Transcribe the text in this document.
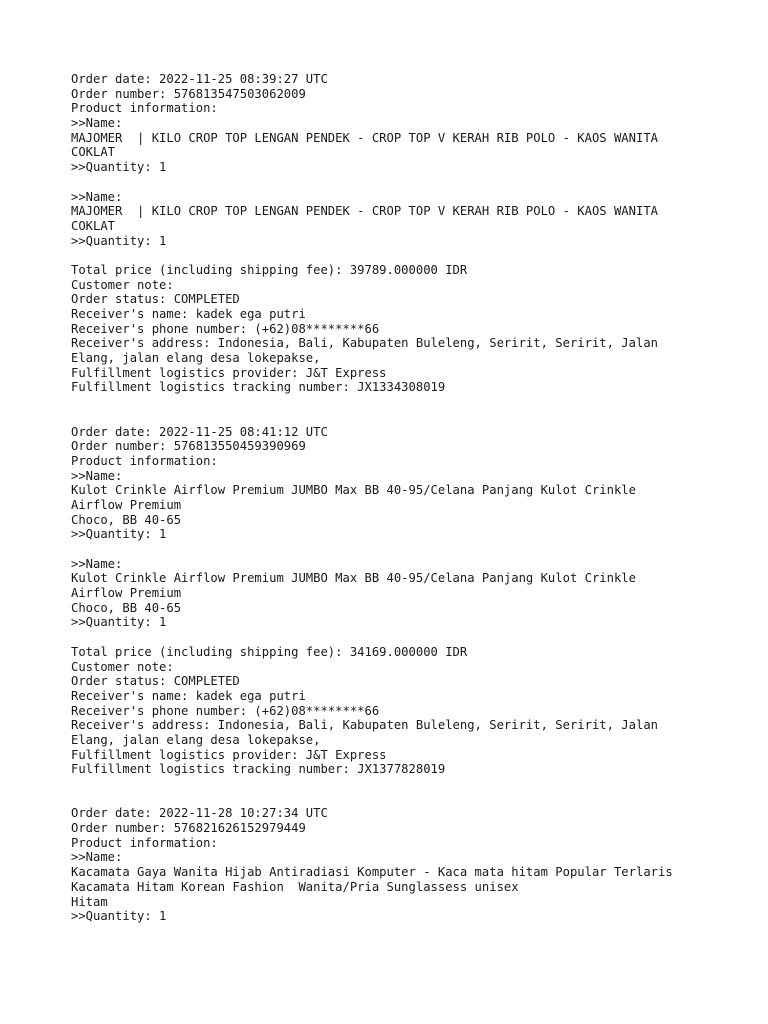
Order date: 2022-11-25 08:39:27 UTC
Order number: 576813547503062009
Product information:
>>Name:
MAJOMER  | KILO CROP TOP LENGAN PENDEK - CROP TOP V KERAH RIB POLO - KAOS WANITA
COKLAT
>>Quantity: 1
>>Name:
MAJOMER  | KILO CROP TOP LENGAN PENDEK - CROP TOP V KERAH RIB POLO - KAOS WANITA
COKLAT
>>Quantity: 1
Total price (including shipping fee): 39789.000000 IDR
Customer note:
Order status: COMPLETED
Receiver's name: kadek ega putri
Receiver's phone number: (+62)08********66
Receiver's address: Indonesia, Bali, Kabupaten Buleleng, Seririt, Seririt, Jalan
Elang, jalan elang desa lokepakse,
Fulfillment logistics provider: J&T Express
Fulfillment logistics tracking number: JX1334308019
Order date: 2022-11-25 08:41:12 UTC
Order number: 576813550459390969
Product information:
>>Name:
Kulot Crinkle Airflow Premium JUMBO Max BB 40-95/Celana Panjang Kulot Crinkle
Airflow Premium
Choco, BB 40-65
>>Quantity: 1
>>Name:
Kulot Crinkle Airflow Premium JUMBO Max BB 40-95/Celana Panjang Kulot Crinkle
Airflow Premium
Choco, BB 40-65
>>Quantity: 1
Total price (including shipping fee): 34169.000000 IDR
Customer note:
Order status: COMPLETED
Receiver's name: kadek ega putri
Receiver's phone number: (+62)08********66
Receiver's address: Indonesia, Bali, Kabupaten Buleleng, Seririt, Seririt, Jalan
Elang, jalan elang desa lokepakse,
Fulfillment logistics provider: J&T Express
Fulfillment logistics tracking number: JX1377828019
Order date: 2022-11-28 10:27:34 UTC
Order number: 576821626152979449
Product information:
>>Name:
Kacamata Gaya Wanita Hijab Antiradiasi Komputer - Kaca mata hitam Popular Terlaris
Kacamata Hitam Korean Fashion  Wanita/Pria Sunglassess unisex
Hitam
>>Quantity: 1
